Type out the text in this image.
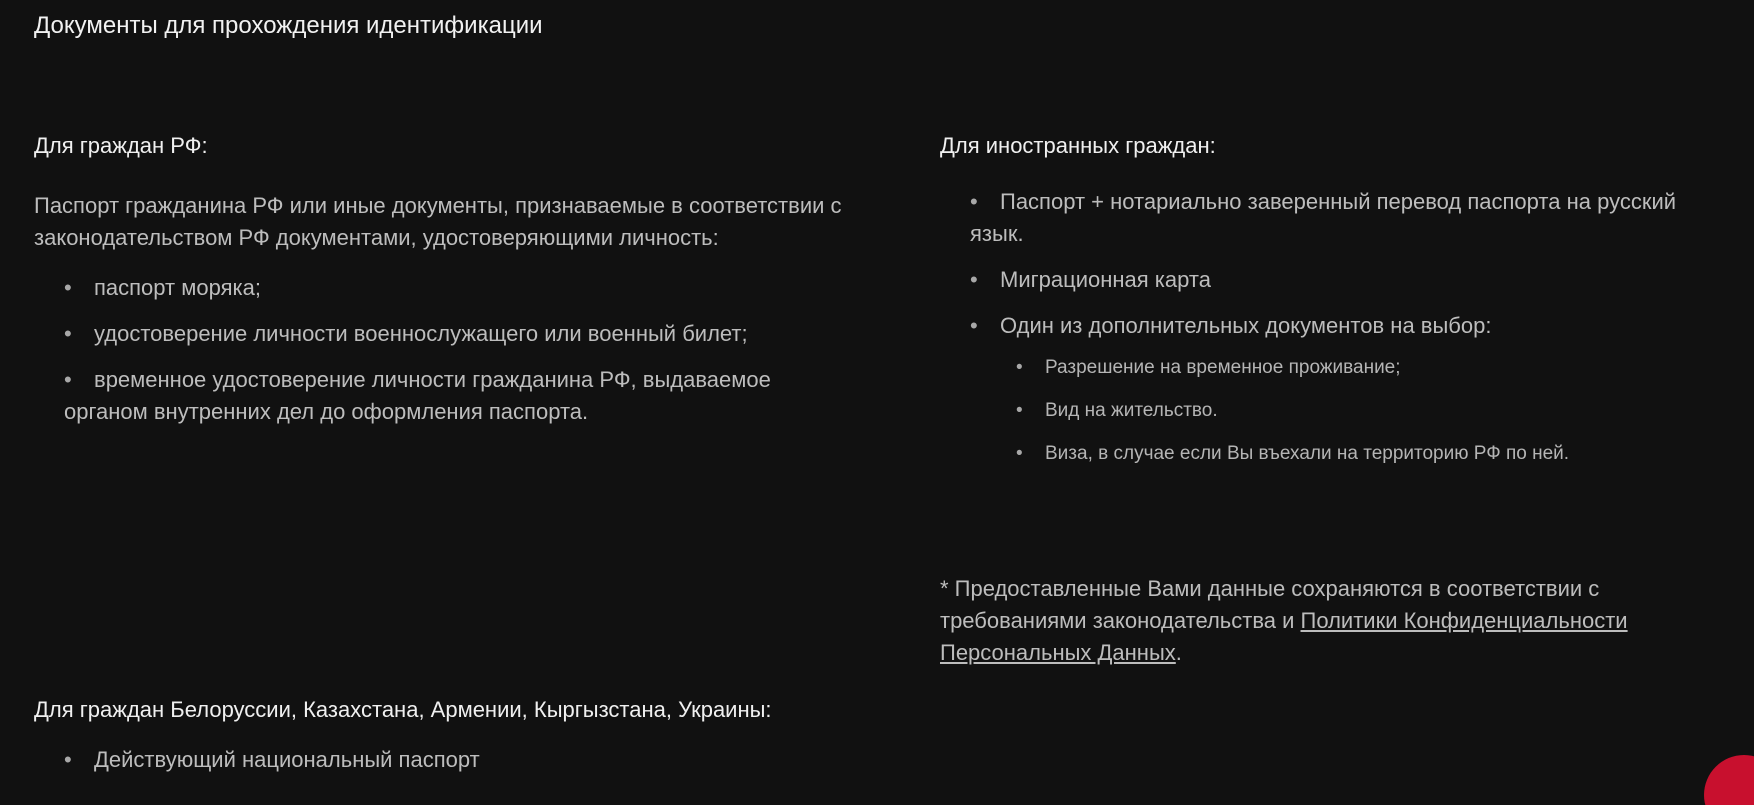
Документы для прохождения идентификации
Для граждан РФ:

Паспорт гражданина РФ или иные документы, признаваемые в соответствии с законодательством РФ документами, удостоверяющими личность:

• паспорт моряка;
• удостоверение личности военнослужащего или военный билет;
• временное удостоверение личности гражданина РФ, выдаваемое органом внутренних дел до оформления паспорта.
Для иностранных граждан:
• Паспорт + нотариально заверенный перевод паспорта на русский язык.
• Миграционная карта
• Один из дополнительных документов на выбор:
• Разрешение на временное проживание;
• Вид на жительство.
• Виза, в случае если Вы въехали на территорию РФ по ней.

* Предоставленные Вами данные сохраняются в соответствии с требованиями законодательства и Политики Конфиденциальности Персональных Данных.

Для граждан Белоруссии, Казахстана, Армении, Кыргызстана, Украины:
• Действующий национальный паспорт
